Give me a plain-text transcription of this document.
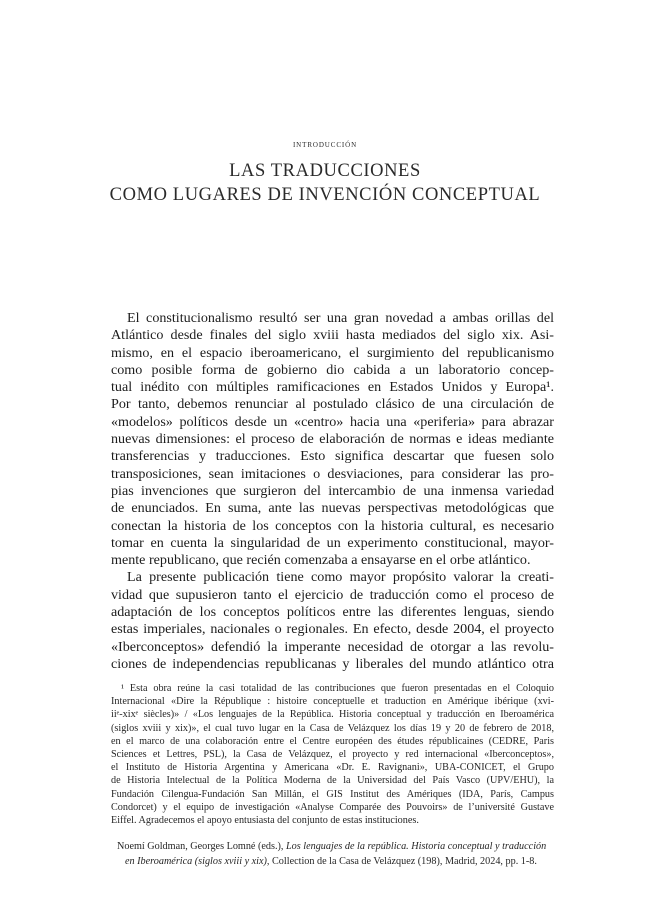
introducción
LAS TRADUCCIONES
COMO LUGARES DE INVENCIÓN CONCEPTUAL
El constitucionalismo resultó ser una gran novedad a ambas orillas del
Atlántico desde finales del siglo xviii hasta mediados del siglo xix. Asi-
mismo, en el espacio iberoamericano, el surgimiento del republicanismo
como posible forma de gobierno dio cabida a un laboratorio concep-
tual inédito con múltiples ramificaciones en Estados Unidos y Europa¹.
Por tanto, debemos renunciar al postulado clásico de una circulación de
«modelos» políticos desde un «centro» hacia una «periferia» para abrazar
nuevas dimensiones: el proceso de elaboración de normas e ideas mediante
transferencias y traducciones. Esto significa descartar que fuesen solo
transposiciones, sean imitaciones o desviaciones, para considerar las pro-
pias invenciones que surgieron del intercambio de una inmensa variedad
de enunciados. En suma, ante las nuevas perspectivas metodológicas que
conectan la historia de los conceptos con la historia cultural, es necesario
tomar en cuenta la singularidad de un experimento constitucional, mayor-
mente republicano, que recién comenzaba a ensayarse en el orbe atlántico.
La presente publicación tiene como mayor propósito valorar la creati-
vidad que supusieron tanto el ejercicio de traducción como el proceso de
adaptación de los conceptos políticos entre las diferentes lenguas, siendo
estas imperiales, nacionales o regionales. En efecto, desde 2004, el proyecto
«Iberconceptos» defendió la imperante necesidad de otorgar a las revolu-
ciones de independencias republicanas y liberales del mundo atlántico otra
¹ Esta obra reúne la casi totalidad de las contribuciones que fueron presentadas en el Coloquio
Internacional «Dire la République : histoire conceptuelle et traduction en Amérique ibérique (xvi-
iiᵉ-xixᵉ siècles)» / «Los lenguajes de la República. Historia conceptual y traducción en Iberoamérica
(siglos xviii y xix)», el cual tuvo lugar en la Casa de Velázquez los días 19 y 20 de febrero de 2018,
en el marco de una colaboración entre el Centre européen des études républicaines (CEDRE, Paris
Sciences et Lettres, PSL), la Casa de Velázquez, el proyecto y red internacional «Iberconceptos»,
el Instituto de Historia Argentina y Americana «Dr. E. Ravignani», UBA-CONICET, el Grupo
de Historia Intelectual de la Política Moderna de la Universidad del País Vasco (UPV/EHU), la
Fundación Cilengua-Fundación San Millán, el GIS Institut des Amériques (IDA, París, Campus
Condorcet) y el equipo de investigación «Analyse Comparée des Pouvoirs» de l’université Gustave
Eiffel. Agradecemos el apoyo entusiasta del conjunto de estas instituciones.
Noemí Goldman, Georges Lomné (eds.), Los lenguajes de la república. Historia conceptual y traducción
en Iberoamérica (siglos xviii y xix), Collection de la Casa de Velázquez (198), Madrid, 2024, pp. 1-8.
